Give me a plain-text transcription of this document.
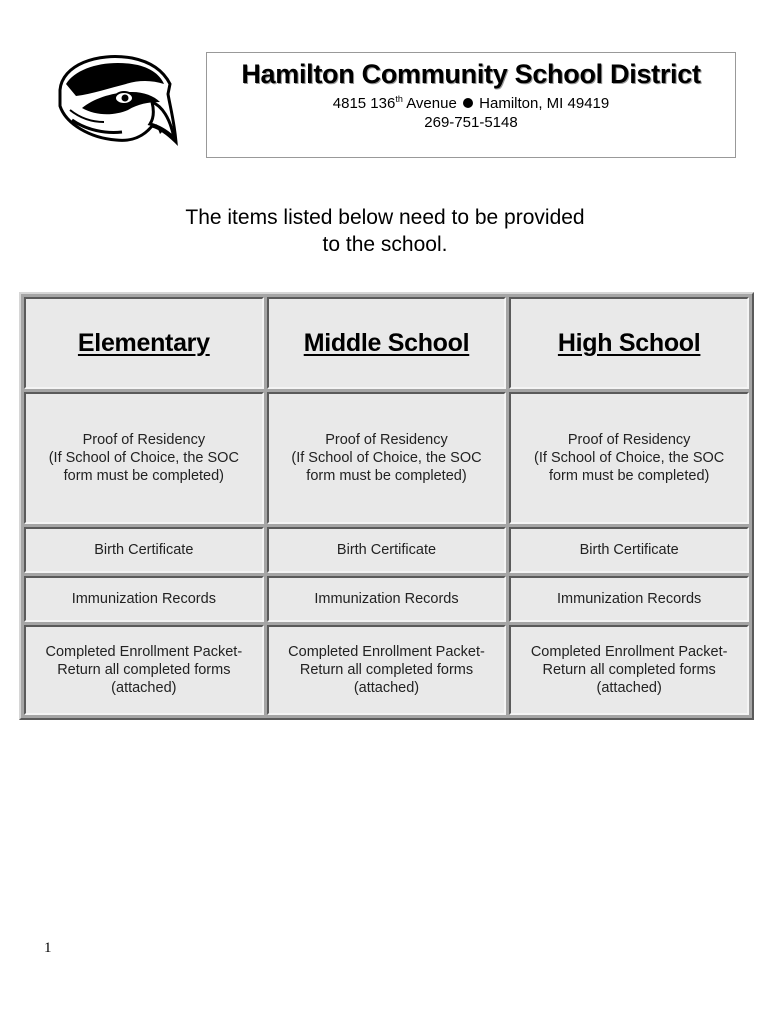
Hamilton Community School District
4815 136th Avenue Hamilton, MI 49419
269-751-5148
The items listed below need to be provided
to the school.
Elementary	Middle School	High School

Proof of Residency
(If School of Choice, the SOC
form must be completed)	Proof of Residency
(If School of Choice, the SOC
form must be completed)	Proof of Residency
(If School of Choice, the SOC
form must be completed)

Birth Certificate	Birth Certificate	Birth Certificate
Immunization Records	Immunization Records	Immunization Records

Completed Enrollment Packet-
Return all completed forms
(attached)	Completed Enrollment Packet-
Return all completed forms
(attached)	Completed Enrollment Packet-
Return all completed forms
(attached)
1
